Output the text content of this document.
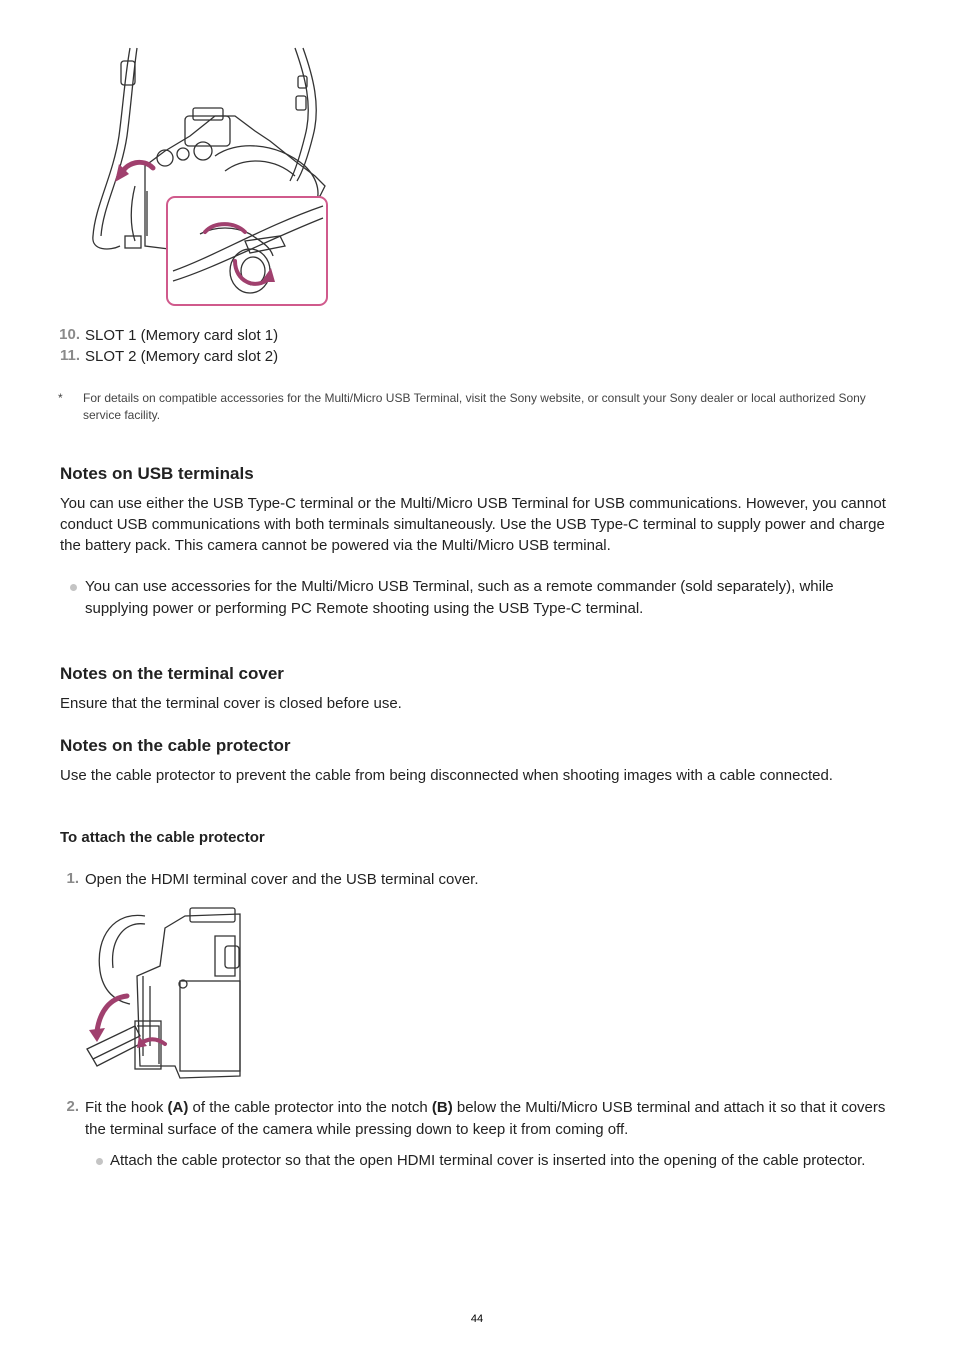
10. SLOT 1 (Memory card slot 1)
11. SLOT 2 (Memory card slot 2)
* For details on compatible accessories for the Multi/Micro USB Terminal, visit the Sony website, or consult your Sony dealer or local authorized Sony service facility.
Notes on USB terminals
You can use either the USB Type-C terminal or the Multi/Micro USB Terminal for USB communications. However, you cannot conduct USB communications with both terminals simultaneously. Use the USB Type-C terminal to supply power and charge the battery pack. This camera cannot be powered via the Multi/Micro USB terminal.
You can use accessories for the Multi/Micro USB Terminal, such as a remote commander (sold separately), while supplying power or performing PC Remote shooting using the USB Type-C terminal.
Notes on the terminal cover
Ensure that the terminal cover is closed before use.
Notes on the cable protector
Use the cable protector to prevent the cable from being disconnected when shooting images with a cable connected.
To attach the cable protector
1. Open the HDMI terminal cover and the USB terminal cover.
2. Fit the hook (A) of the cable protector into the notch (B) below the Multi/Micro USB terminal and attach it so that it covers the terminal surface of the camera while pressing down to keep it from coming off.
Attach the cable protector so that the open HDMI terminal cover is inserted into the opening of the cable protector.
44
